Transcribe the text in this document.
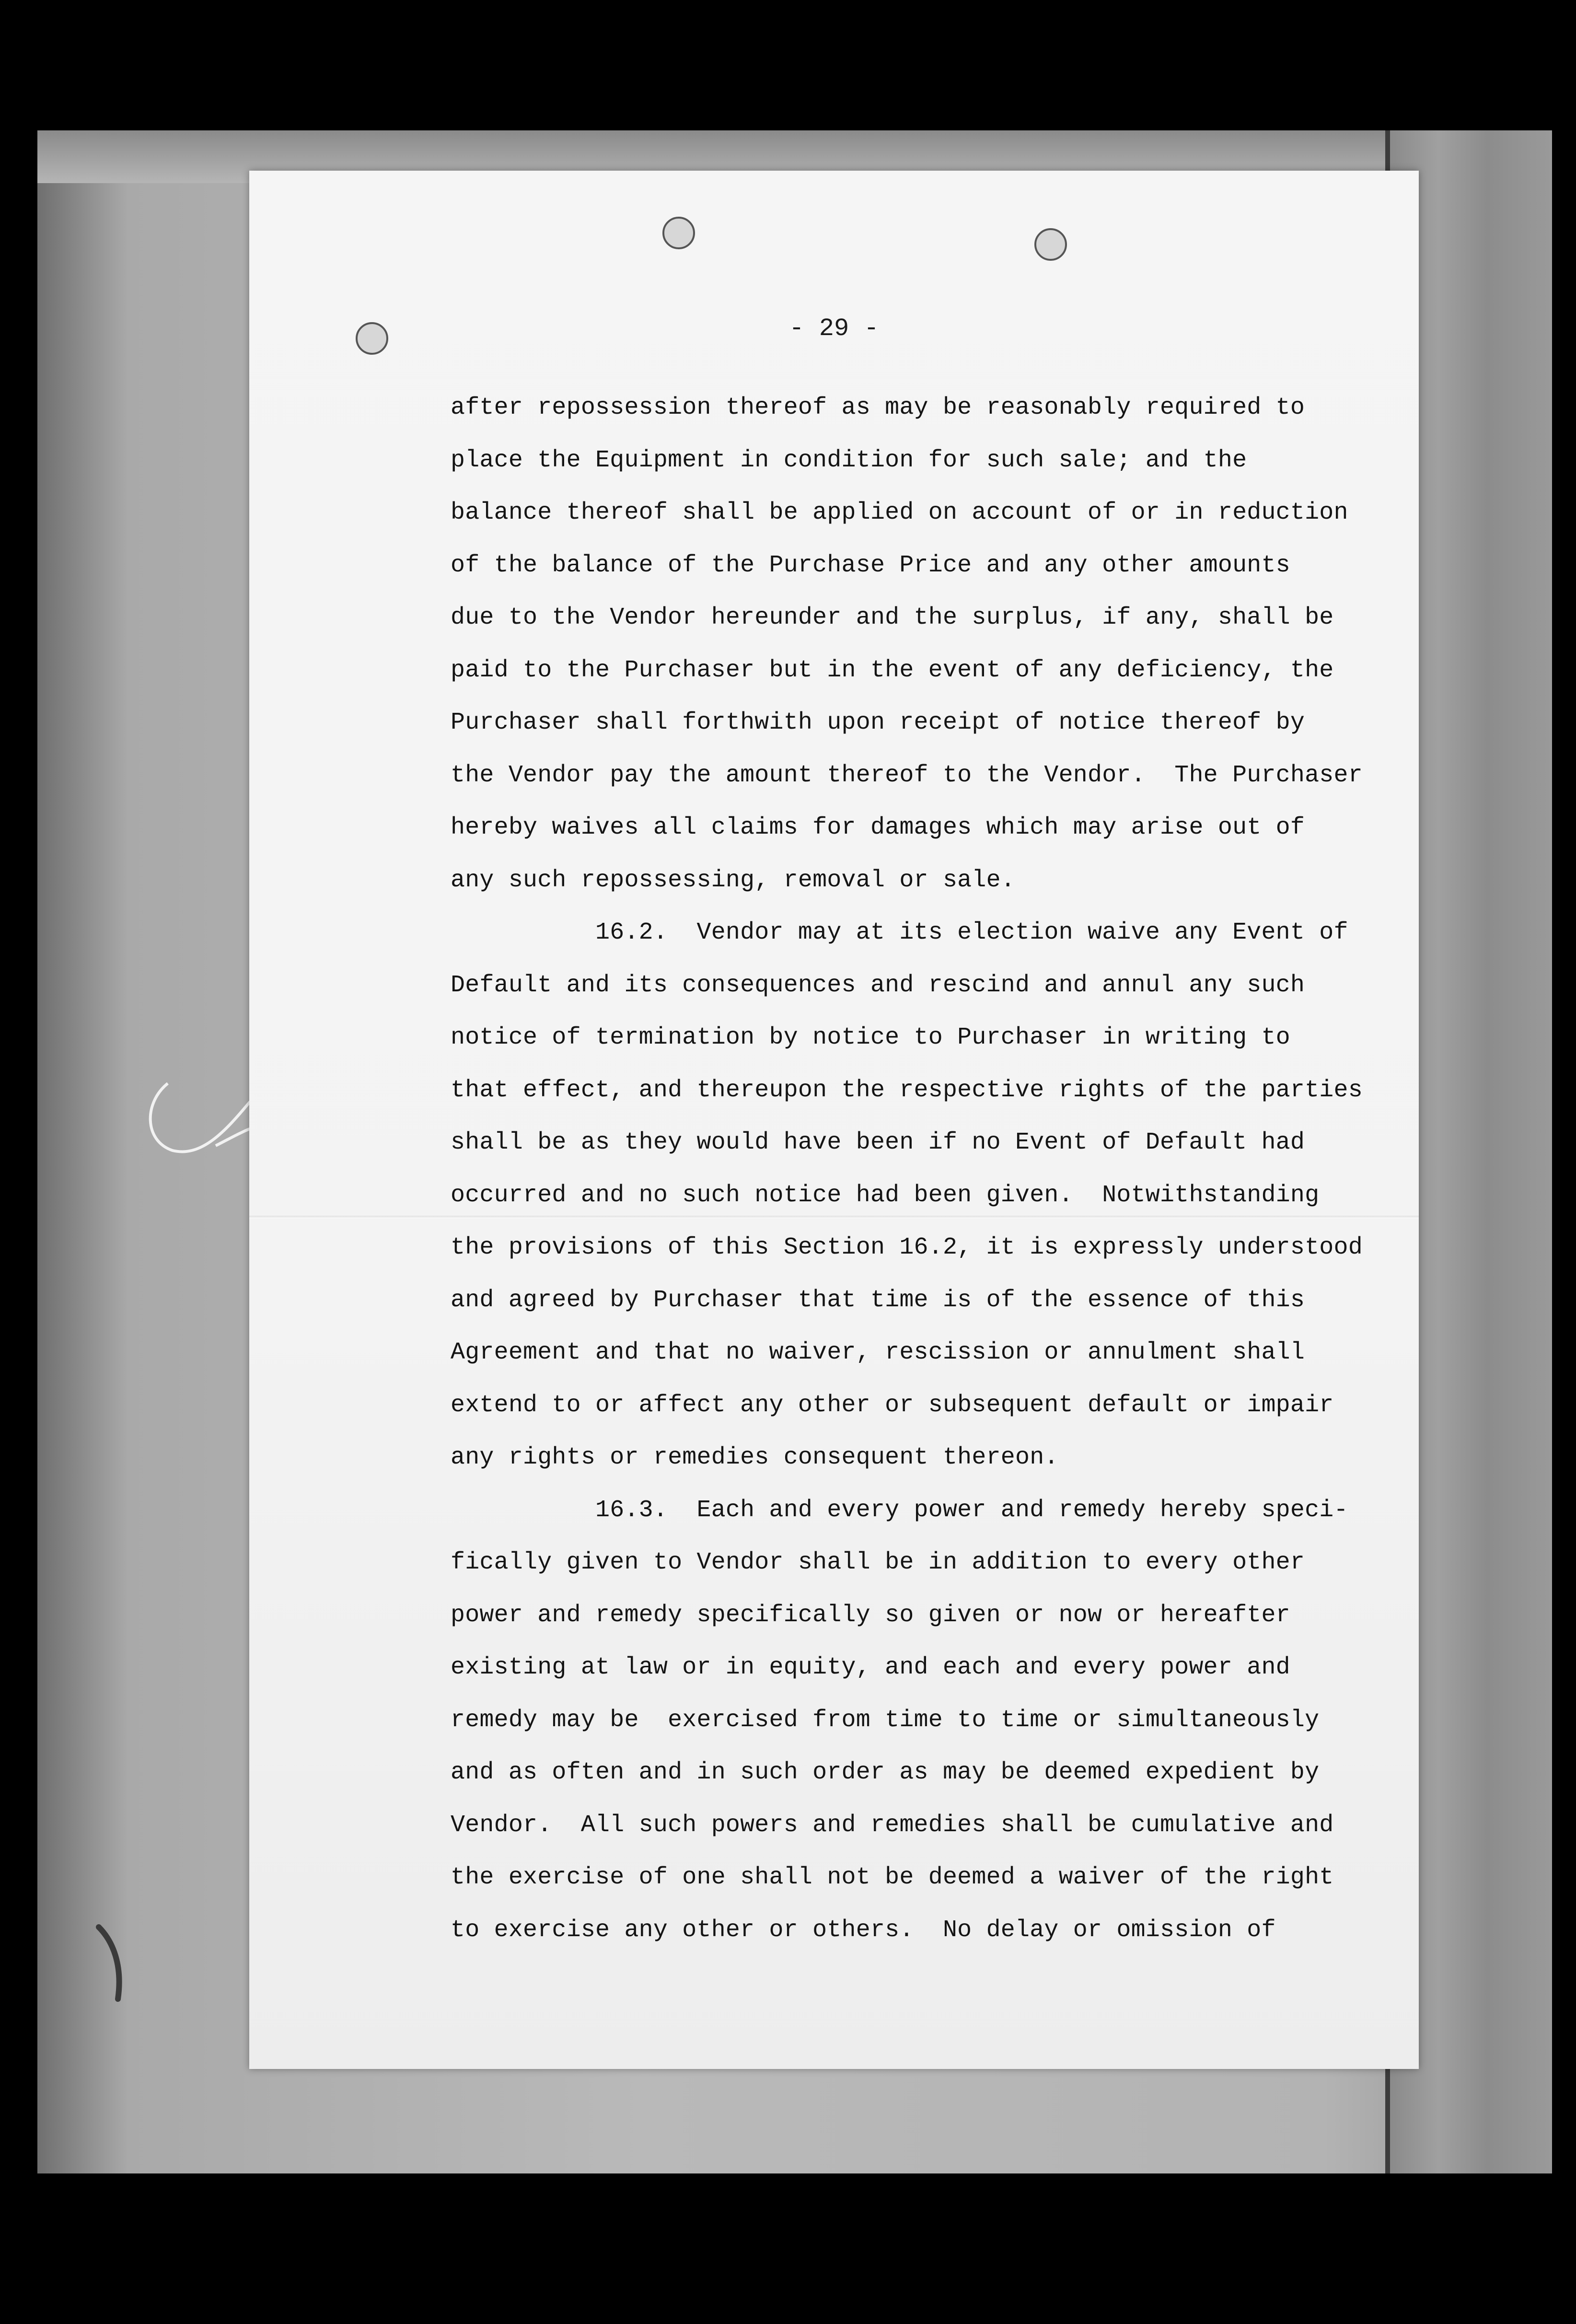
- 29 -
after repossession thereof as may be reasonably required to
place the Equipment in condition for such sale; and the
balance thereof shall be applied on account of or in reduction
of the balance of the Purchase Price and any other amounts
due to the Vendor hereunder and the surplus, if any, shall be
paid to the Purchaser but in the event of any deficiency, the
Purchaser shall forthwith upon receipt of notice thereof by
the Vendor pay the amount thereof to the Vendor.  The Purchaser
hereby waives all claims for damages which may arise out of
any such repossessing, removal or sale.
16.2.  Vendor may at its election waive any Event of
Default and its consequences and rescind and annul any such
notice of termination by notice to Purchaser in writing to
that effect, and thereupon the respective rights of the parties
shall be as they would have been if no Event of Default had
occurred and no such notice had been given.  Notwithstanding
the provisions of this Section 16.2, it is expressly understood
and agreed by Purchaser that time is of the essence of this
Agreement and that no waiver, rescission or annulment shall
extend to or affect any other or subsequent default or impair
any rights or remedies consequent thereon.
16.3.  Each and every power and remedy hereby speci-
fically given to Vendor shall be in addition to every other
power and remedy specifically so given or now or hereafter
existing at law or in equity, and each and every power and
remedy may be  exercised from time to time or simultaneously
and as often and in such order as may be deemed expedient by
Vendor.  All such powers and remedies shall be cumulative and
the exercise of one shall not be deemed a waiver of the right
to exercise any other or others.  No delay or omission of
